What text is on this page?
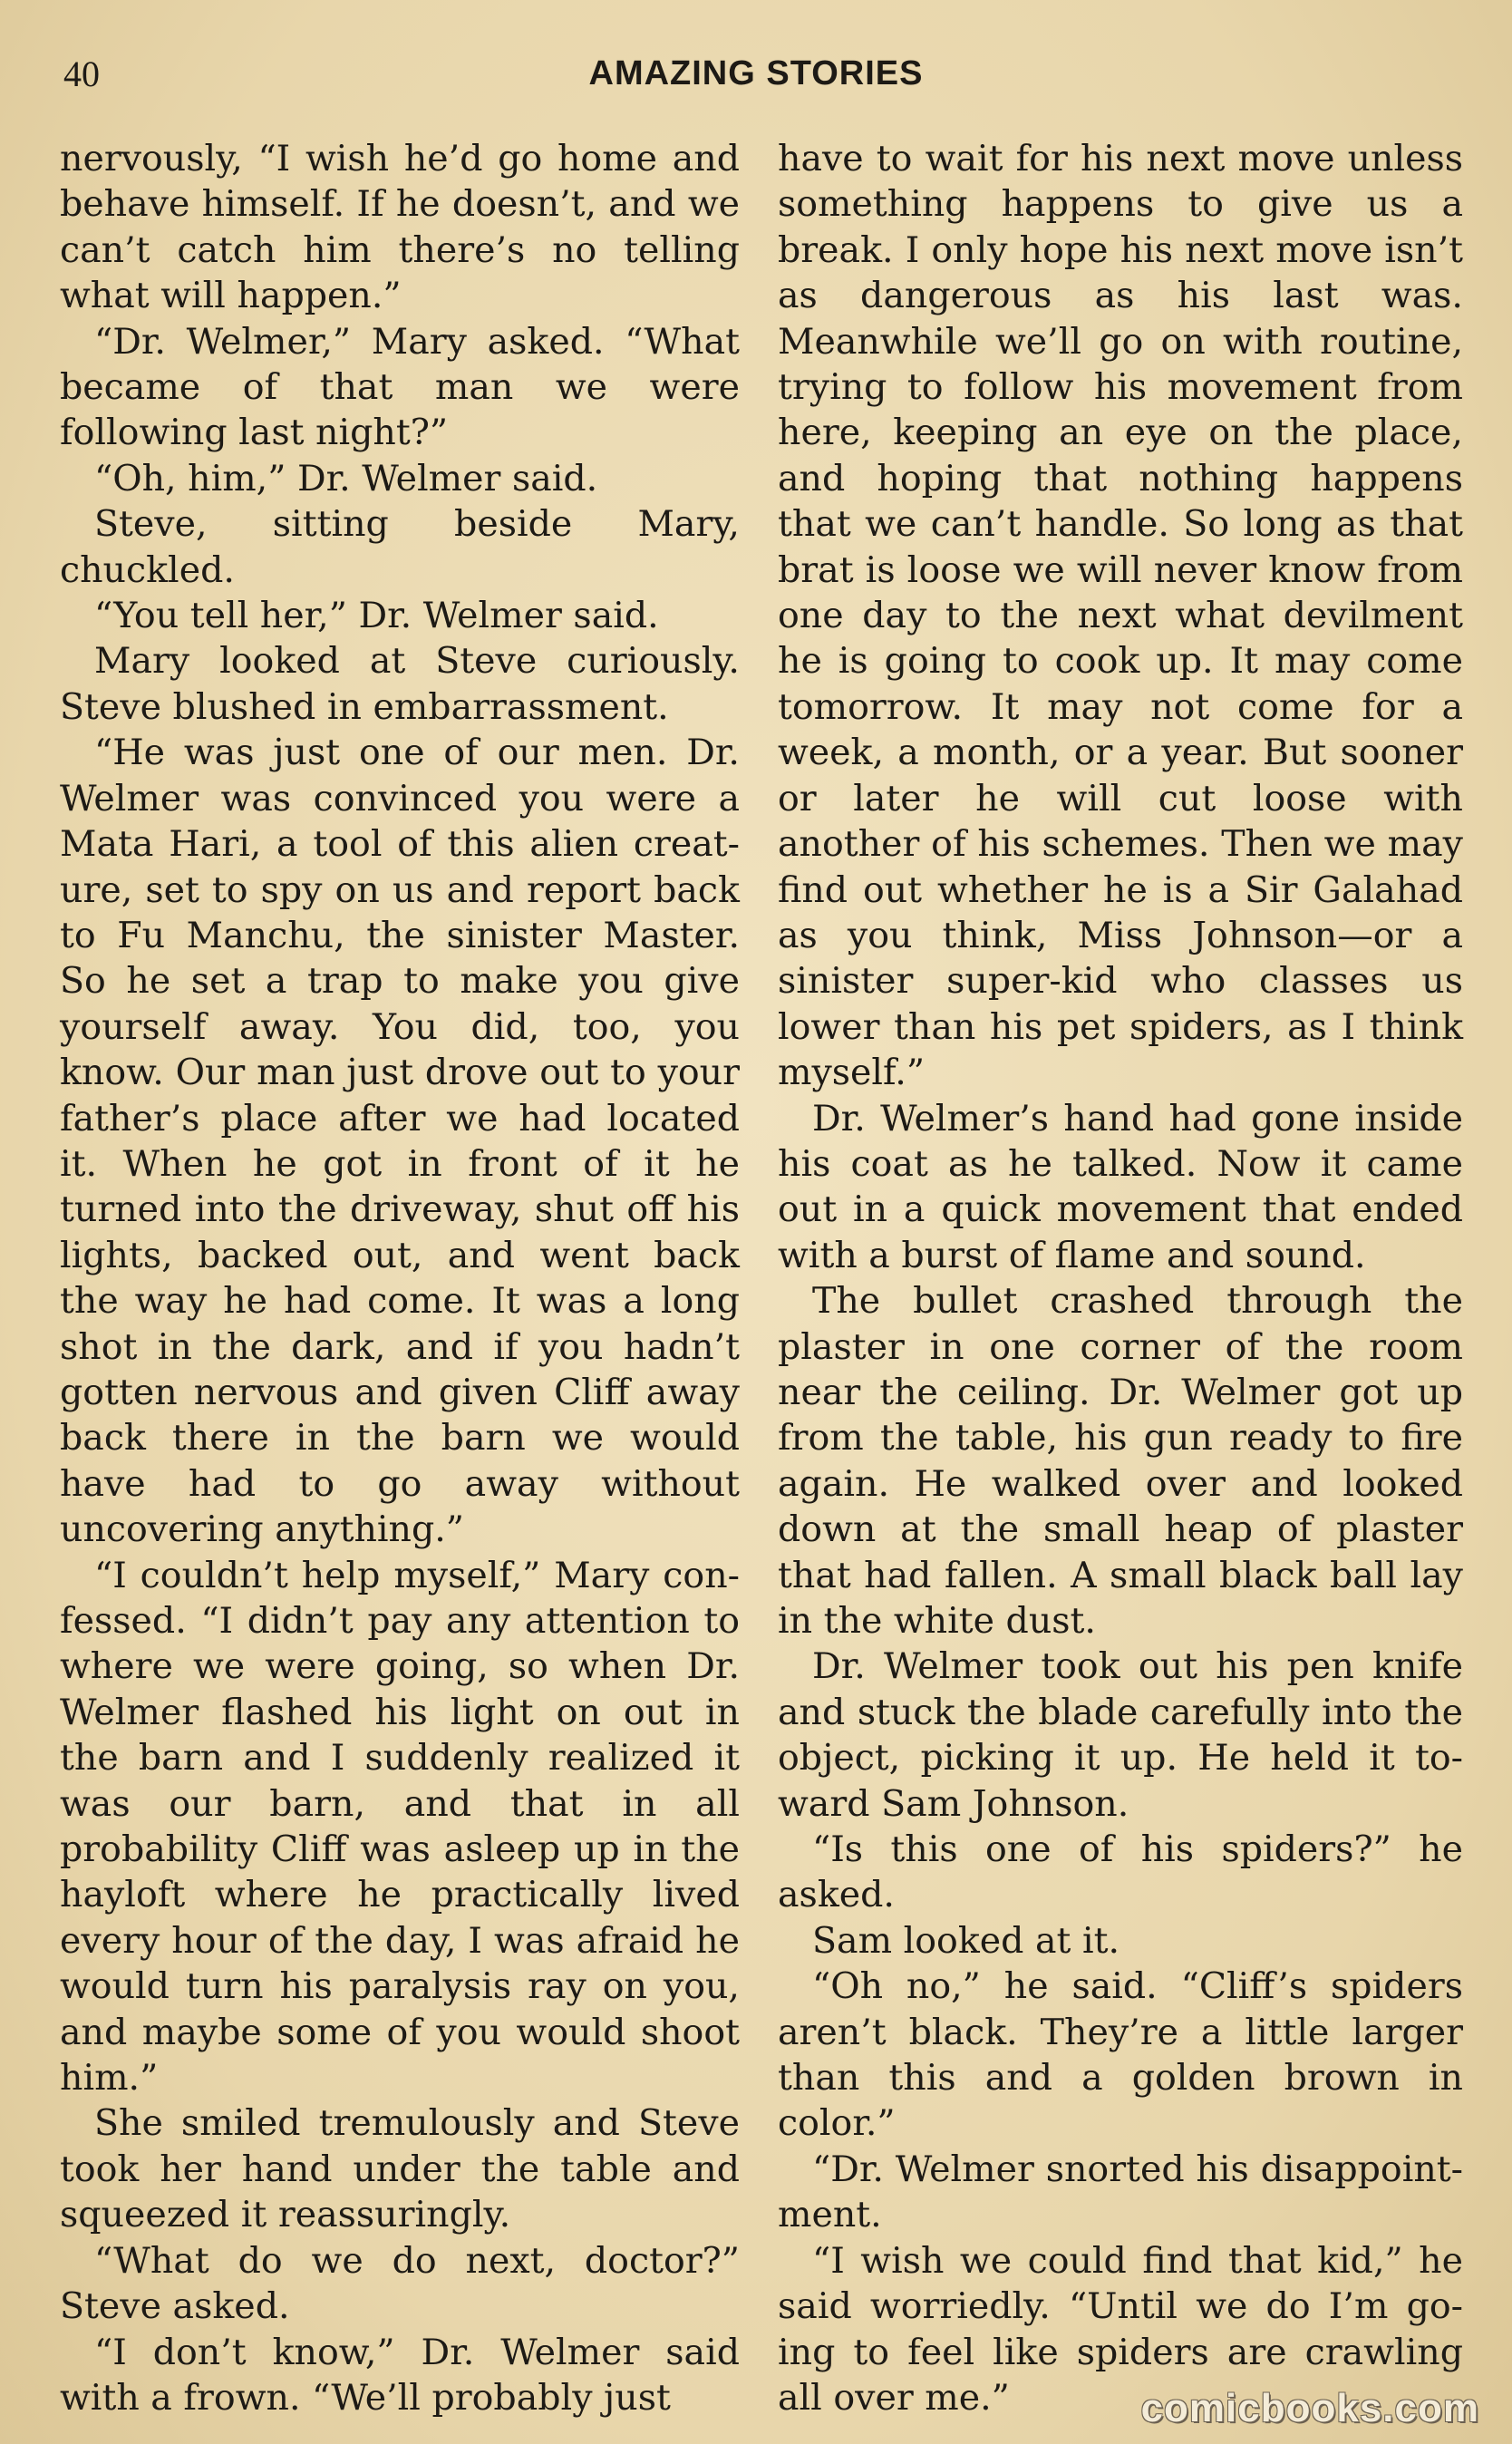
40	AMAZING STORIES

nervously, “I wish he’d go home and behave himself. If he doesn’t, and we can’t catch him there’s no telling what will happen.”

“Dr. Welmer,” Mary asked. “What became of that man we were following last night?”

“Oh, him,” Dr. Welmer said.

Steve, sitting beside Mary, chuckled.

“You tell her,” Dr. Welmer said.

Mary looked at Steve curiously. Steve blushed in embarrassment.

“He was just one of our men. Dr. Welmer was convinced you were a Mata Hari, a tool of this alien creature, set to spy on us and report back to Fu Manchu, the sinister Master. So he set a trap to make you give yourself away. You did, too, you know. Our man just drove out to your father’s place after we had located it. When he got in front of it he turned into the driveway, shut off his lights, backed out, and went back the way he had come. It was a long shot in the dark, and if you hadn’t gotten nervous and given Cliff away back there in the barn we would have had to go away without uncovering anything.”

“I couldn’t help myself,” Mary confessed. “I didn’t pay any attention to where we were going, so when Dr. Welmer flashed his light on out in the barn and I suddenly realized it was our barn, and that in all probability Cliff was asleep up in the hayloft where he practically lived every hour of the day, I was afraid he would turn his paralysis ray on you, and maybe some of you would shoot him.”

She smiled tremulously and Steve took her hand under the table and squeezed it reassuringly.

“What do we do next, doctor?” Steve asked.

“I don’t know,” Dr. Welmer said with a frown. “We’ll probably just

have to wait for his next move unless something happens to give us a break. I only hope his next move isn’t as dangerous as his last was. Meanwhile we’ll go on with routine, trying to follow his movement from here, keeping an eye on the place, and hoping that nothing happens that we can’t handle. So long as that brat is loose we will never know from one day to the next what devilment he is going to cook up. It may come tomorrow. It may not come for a week, a month, or a year. But sooner or later he will cut loose with another of his schemes. Then we may find out whether he is a Sir Galahad as you think, Miss Johnson—or a sinister super-kid who classes us lower than his pet spiders, as I think myself.”

Dr. Welmer’s hand had gone inside his coat as he talked. Now it came out in a quick movement that ended with a burst of flame and sound.

The bullet crashed through the plaster in one corner of the room near the ceiling. Dr. Welmer got up from the table, his gun ready to fire again. He walked over and looked down at the small heap of plaster that had fallen. A small black ball lay in the white dust.

Dr. Welmer took out his pen knife and stuck the blade carefully into the object, picking it up. He held it toward Sam Johnson.

“Is this one of his spiders?” he asked.

Sam looked at it.

“Oh no,” he said. “Cliff’s spiders aren’t black. They’re a little larger than this and a golden brown in color.”

“Dr. Welmer snorted his disappointment.

“I wish we could find that kid,” he said worriedly. “Until we do I’m going to feel like spiders are crawling all over me.”	comicbooks.com
